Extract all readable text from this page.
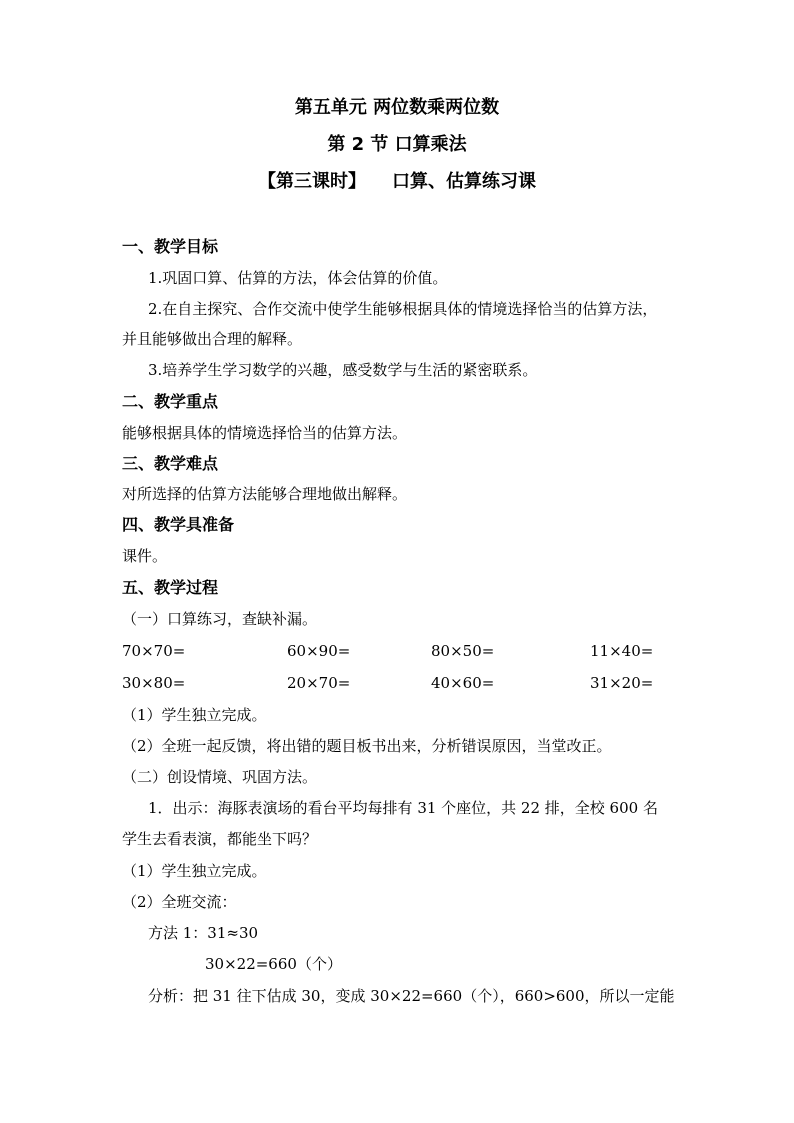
第五单元 两位数乘两位数
第 2 节 口算乘法
【第三课时】 口算、估算练习课
一、教学目标
1.巩固口算、估算的方法，体会估算的价值。
2.在自主探究、合作交流中使学生能够根据具体的情境选择恰当的估算方法，
并且能够做出合理的解释。
3.培养学生学习数学的兴趣，感受数学与生活的紧密联系。
二、教学重点
能够根据具体的情境选择恰当的估算方法。
三、教学难点
对所选择的估算方法能够合理地做出解释。
四、教学具准备
课件。
五、教学过程
（一）口算练习，查缺补漏。
70×70=	60×90=	80×50=	11×40=
30×80=	20×70=	40×60=	31×20=
（1）学生独立完成。
（2）全班一起反馈，将出错的题目板书出来，分析错误原因，当堂改正。
（二）创设情境、巩固方法。
1．出示：海豚表演场的看台平均每排有 31 个座位，共 22 排，全校 600 名
学生去看表演，都能坐下吗？
（1）学生独立完成。
（2）全班交流：
方法 1：31≈30
30×22=660（个）
分析：把 31 往下估成 30，变成 30×22=660（个），660>600，所以一定能
